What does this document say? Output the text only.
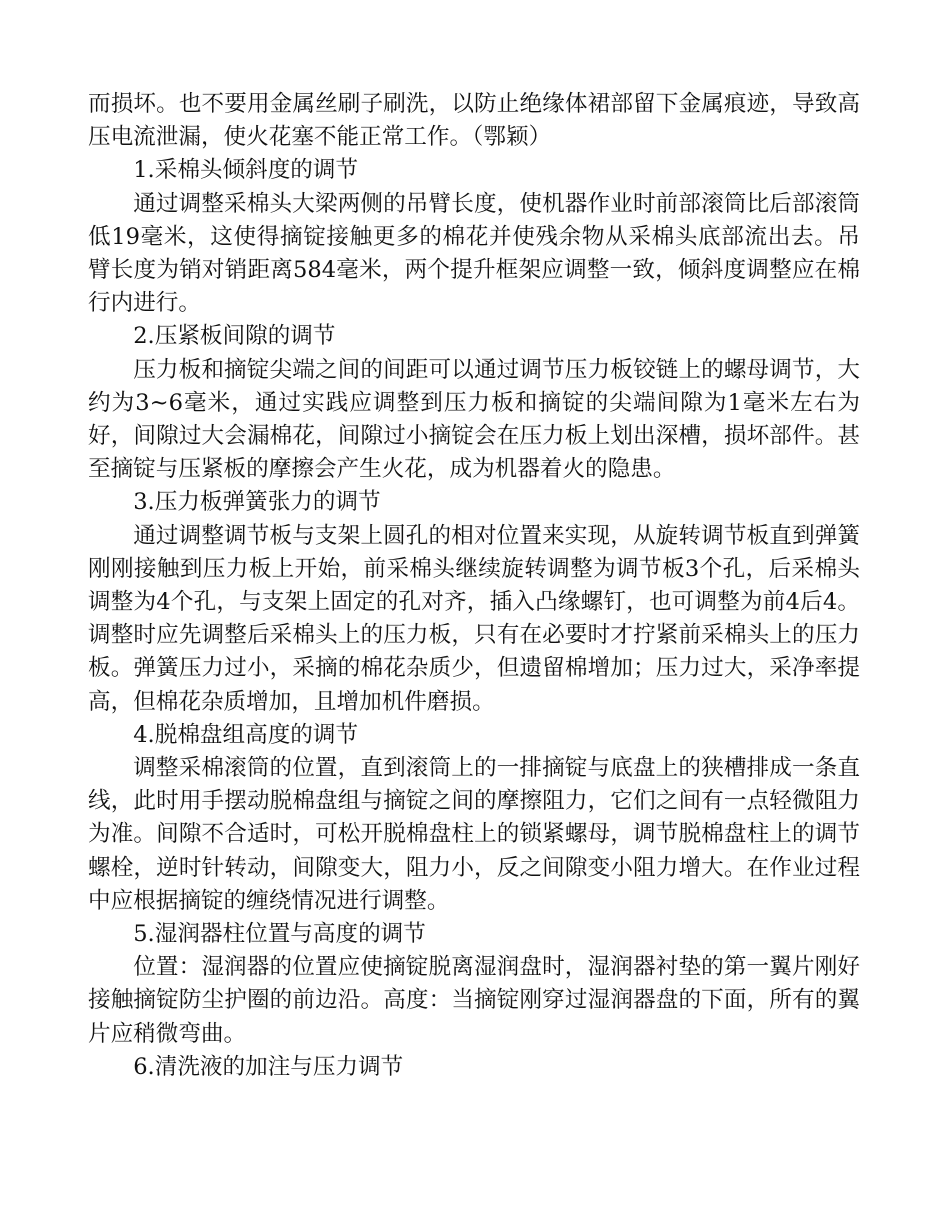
而损坏。也不要用金属丝刷子刷洗，以防止绝缘体裙部留下金属痕迹，导致高压电流泄漏，使火花塞不能正常工作。（鄂颖）

1.采棉头倾斜度的调节

通过调整采棉头大梁两侧的吊臂长度，使机器作业时前部滚筒比后部滚筒低19毫米，这使得摘锭接触更多的棉花并使残余物从采棉头底部流出去。吊臂长度为销对销距离584毫米，两个提升框架应调整一致，倾斜度调整应在棉行内进行。

2.压紧板间隙的调节

压力板和摘锭尖端之间的间距可以通过调节压力板铰链上的螺母调节，大约为3~6毫米，通过实践应调整到压力板和摘锭的尖端间隙为1毫米左右为好，间隙过大会漏棉花，间隙过小摘锭会在压力板上划出深槽，损坏部件。甚至摘锭与压紧板的摩擦会产生火花，成为机器着火的隐患。

3.压力板弹簧张力的调节

通过调整调节板与支架上圆孔的相对位置来实现，从旋转调节板直到弹簧刚刚接触到压力板上开始，前采棉头继续旋转调整为调节板3个孔，后采棉头调整为4个孔，与支架上固定的孔对齐，插入凸缘螺钉，也可调整为前4后4。调整时应先调整后采棉头上的压力板，只有在必要时才拧紧前采棉头上的压力板。弹簧压力过小，采摘的棉花杂质少，但遗留棉增加；压力过大，采净率提高，但棉花杂质增加，且增加机件磨损。

4.脱棉盘组高度的调节

调整采棉滚筒的位置，直到滚筒上的一排摘锭与底盘上的狭槽排成一条直线，此时用手摆动脱棉盘组与摘锭之间的摩擦阻力，它们之间有一点轻微阻力为准。间隙不合适时，可松开脱棉盘柱上的锁紧螺母，调节脱棉盘柱上的调节螺栓，逆时针转动，间隙变大，阻力小，反之间隙变小阻力增大。在作业过程中应根据摘锭的缠绕情况进行调整。

5.湿润器柱位置与高度的调节

位置：湿润器的位置应使摘锭脱离湿润盘时，湿润器衬垫的第一翼片刚好接触摘锭防尘护圈的前边沿。高度：当摘锭刚穿过湿润器盘的下面，所有的翼片应稍微弯曲。

6.清洗液的加注与压力调节
